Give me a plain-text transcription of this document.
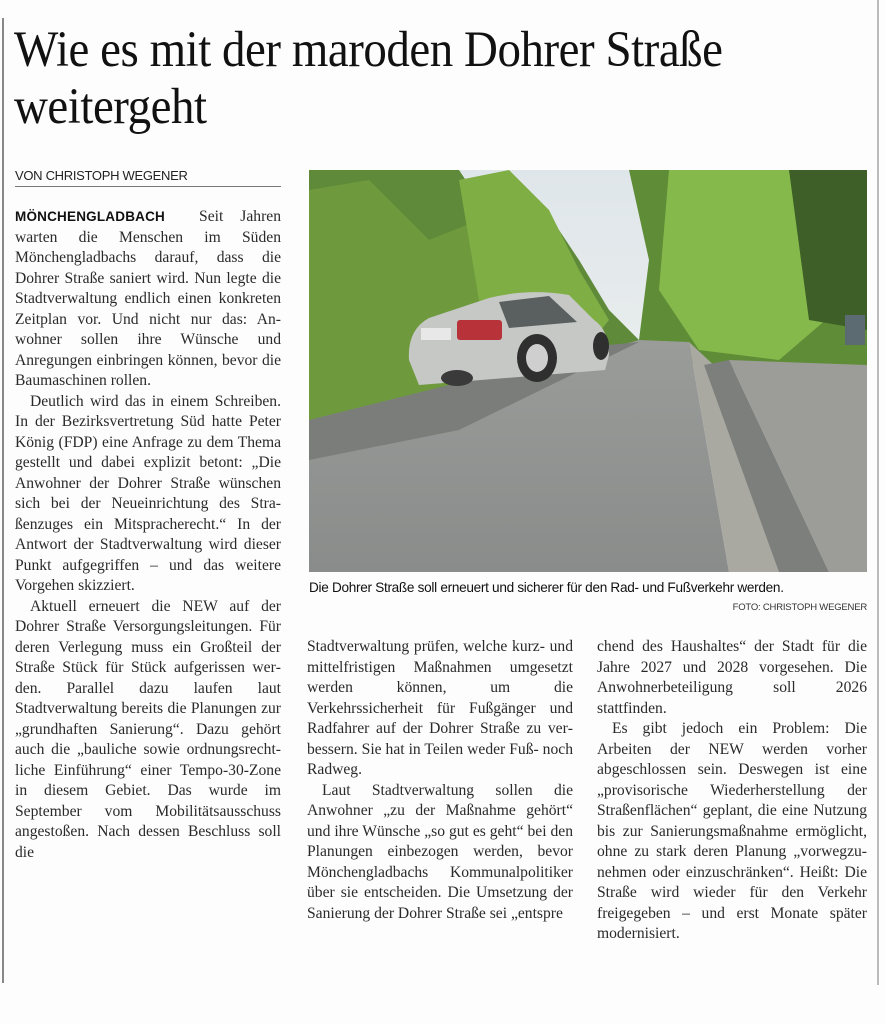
Wie es mit der maroden Dohrer Straße weitergeht
VON CHRISTOPH WEGENER

MÖNCHENGLADBACH Seit Jahren warten die Menschen im Süden Mönchengladbachs darauf, dass die Dohrer Straße saniert wird. Nun legte die Stadtverwaltung endlich einen konkreten Zeitplan vor. Und nicht nur das: Anwohner sollen ihre Wünsche und Anregungen einbringen können, bevor die Baumaschinen rollen.

Deutlich wird das in einem Schreiben. In der Bezirksvertretung Süd hatte Peter König (FDP) eine Anfrage zu dem Thema gestellt und dabei explizit betont: „Die Anwohner der Dohrer Straße wünschen sich bei der Neueinrichtung des Straßenzuges ein Mitspracherecht.“ In der Antwort der Stadtverwaltung wird dieser Punkt aufgegriffen – und das weitere Vorgehen skizziert.

Aktuell erneuert die NEW auf der Dohrer Straße Versorgungsleitungen. Für deren Verlegung muss ein Großteil der Straße Stück für Stück aufgerissen werden. Parallel dazu laufen laut Stadtverwaltung bereits die Planungen zur „grundhaften Sanierung“. Dazu gehört auch die „bauliche sowie ordnungsrechtliche Einführung“ einer Tempo-30-Zone in diesem Gebiet. Das wurde im September vom Mobilitätsausschuss angestoßen. Nach dessen Beschluss soll die

Die Dohrer Straße soll erneuert und sicherer für den Rad- und Fußverkehr werden.
FOTO: CHRISTOPH WEGENER

Stadtverwaltung prüfen, welche kurz- und mittelfristigen Maßnahmen umgesetzt werden können, um die Verkehrssicherheit für Fußgänger und Radfahrer auf der Dohrer Straße zu verbessern. Sie hat in Teilen weder Fuß- noch Radweg.

Laut Stadtverwaltung sollen die Anwohner „zu der Maßnahme gehört“ und ihre Wünsche „so gut es geht“ bei den Planungen einbezogen werden, bevor Mönchengladbachs Kommunalpolitiker über sie entscheiden. Die Umsetzung der Sanierung der Dohrer Straße sei „entspre

chend des Haushaltes“ der Stadt für die Jahre 2027 und 2028 vorgesehen. Die Anwohnerbeteiligung soll 2026 stattfinden.

Es gibt jedoch ein Problem: Die Arbeiten der NEW werden vorher abgeschlossen sein. Deswegen ist eine „provisorische Wiederherstellung der Straßenflächen“ geplant, die eine Nutzung bis zur Sanierungsmaßnahme ermöglicht, ohne zu stark deren Planung „vorwegzunehmen oder einzuschränken“. Heißt: Die Straße wird wieder für den Verkehr freigegeben – und erst Monate später modernisiert.
